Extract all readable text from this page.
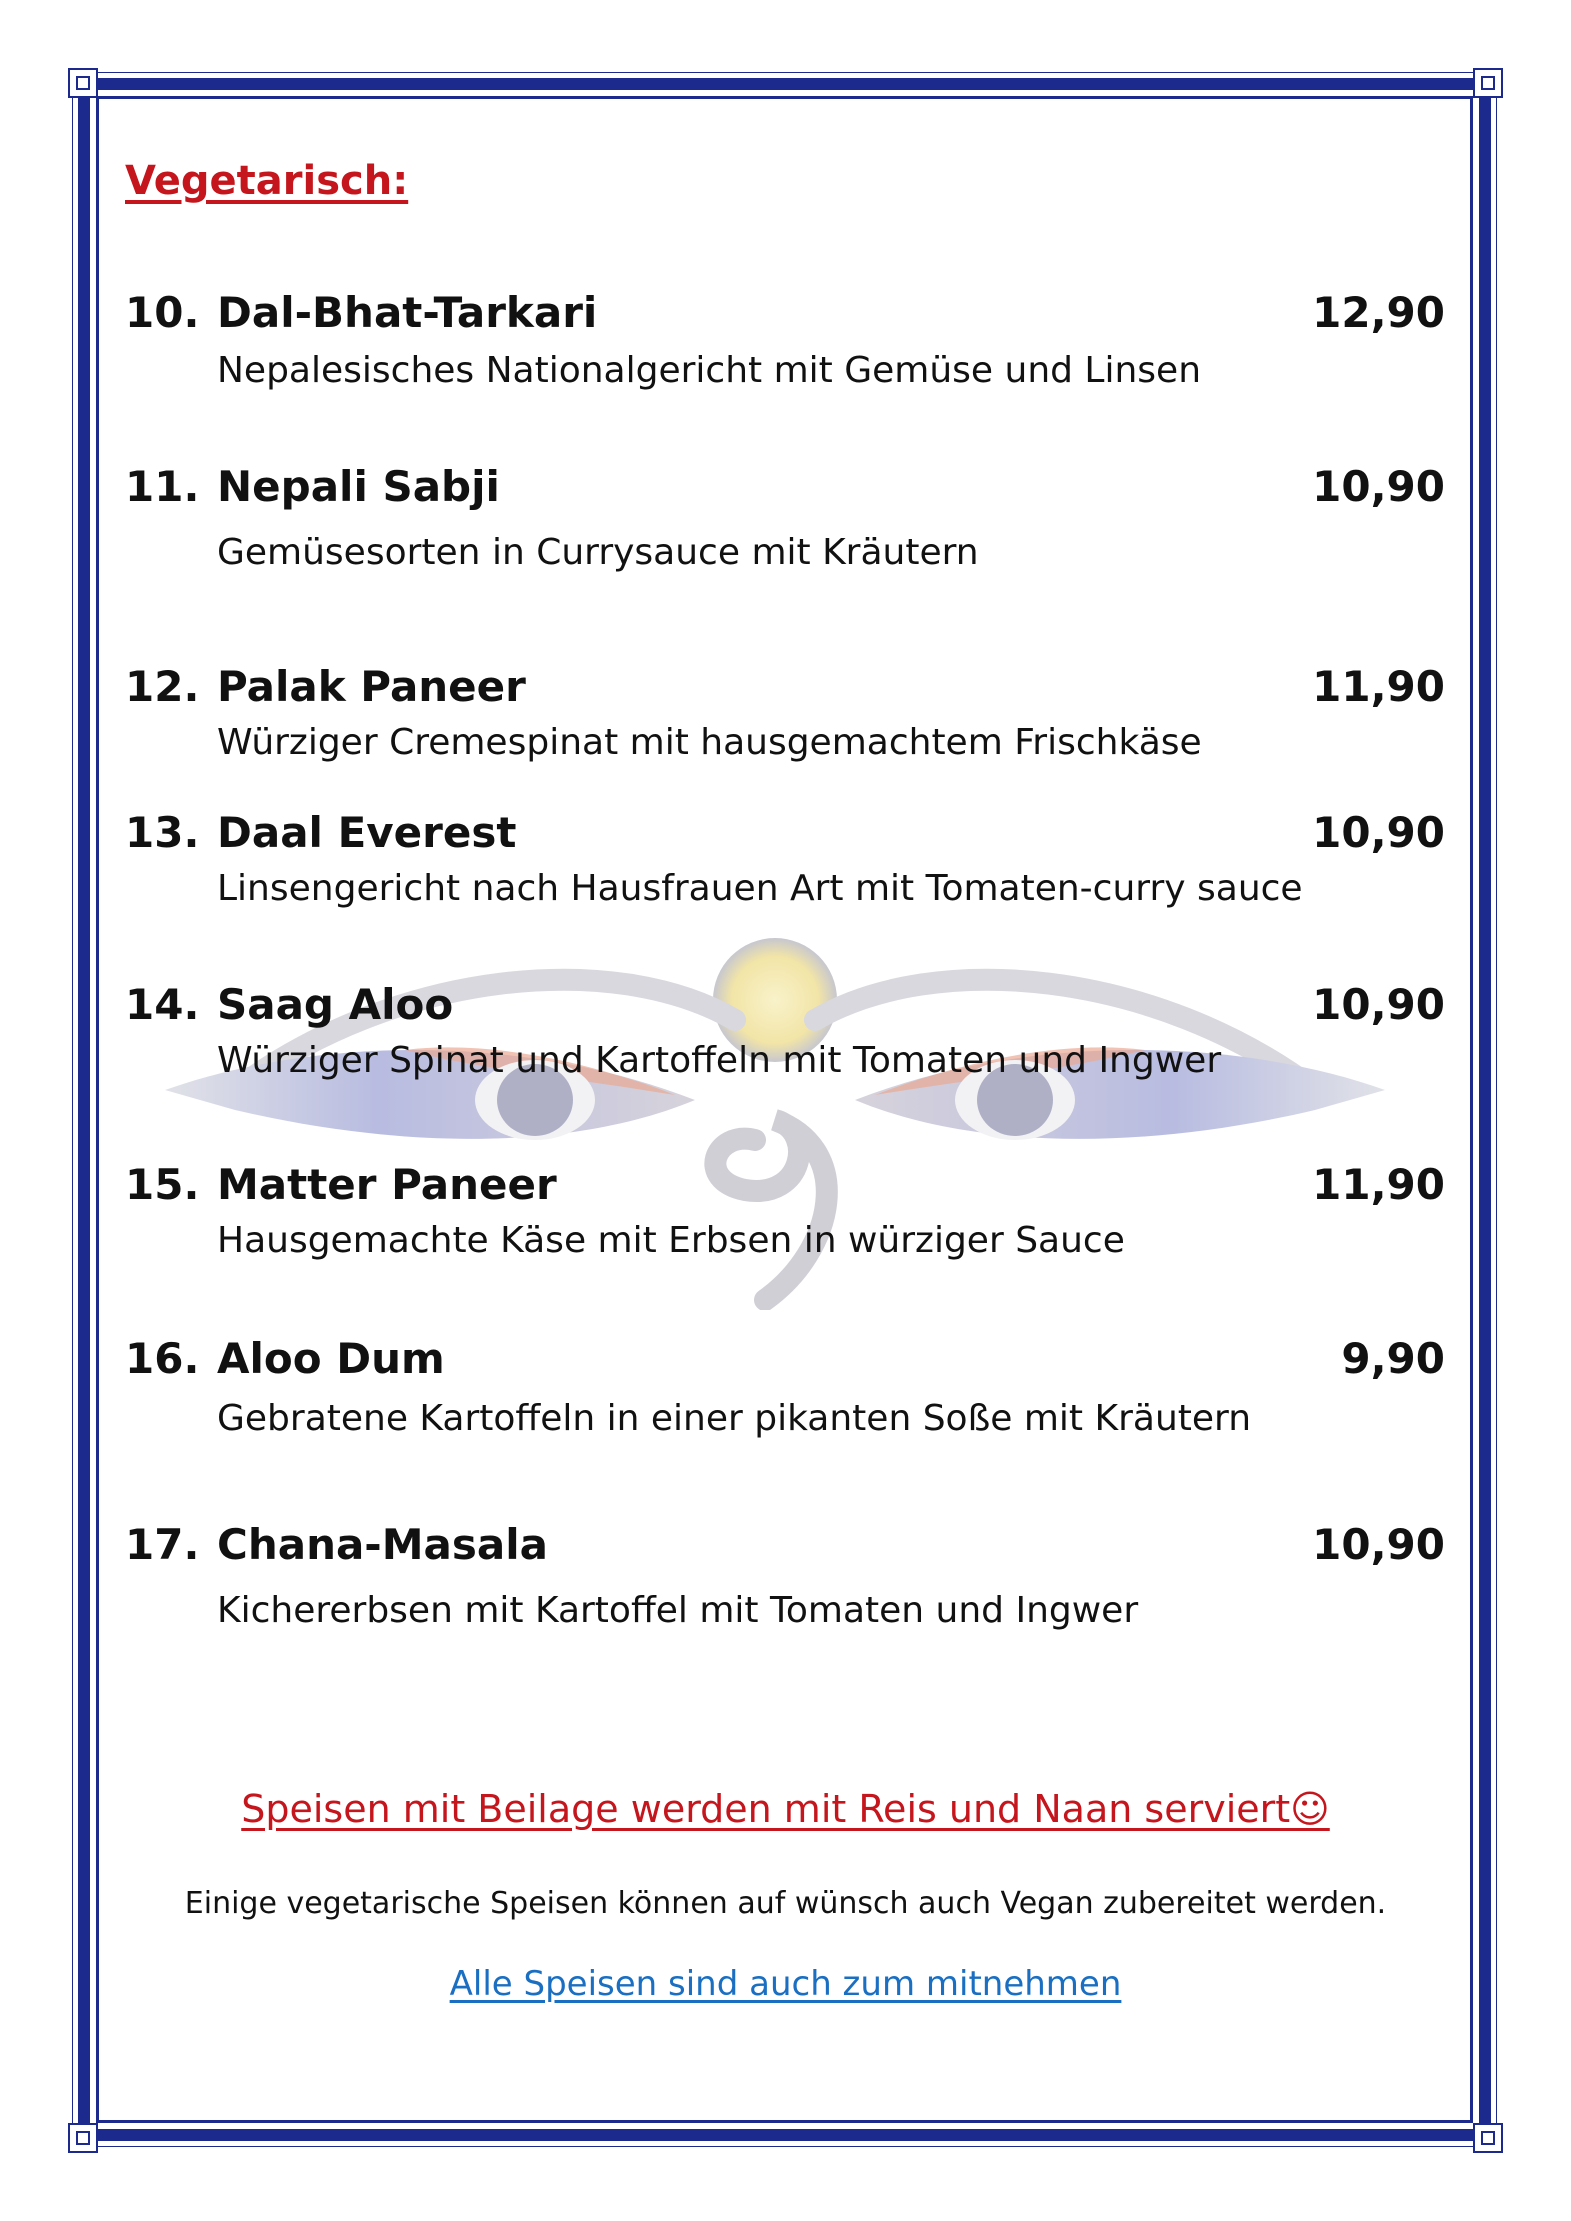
Vegetarisch:
10. Dal-Bhat-Tarkari	12,90
Nepalesisches Nationalgericht mit Gemüse und Linsen
11. Nepali Sabji	10,90
Gemüsesorten in Currysauce mit Kräutern
12. Palak Paneer	11,90
Würziger Cremespinat mit hausgemachtem Frischkäse
13. Daal Everest	10,90
Linsengericht nach Hausfrauen Art mit Tomaten-curry sauce
14. Saag Aloo	10,90
Würziger Spinat und Kartoffeln mit Tomaten und Ingwer
15. Matter Paneer	11,90
Hausgemachte Käse mit Erbsen in würziger Sauce
16. Aloo Dum	9,90
Gebratene Kartoffeln in einer pikanten Soße mit Kräutern
17. Chana-Masala	10,90
Kichererbsen mit Kartoffel mit Tomaten und Ingwer
Speisen mit Beilage werden mit Reis und Naan serviert☺
Einige vegetarische Speisen können auf wünsch auch Vegan zubereitet werden.
Alle Speisen sind auch zum mitnehmen
